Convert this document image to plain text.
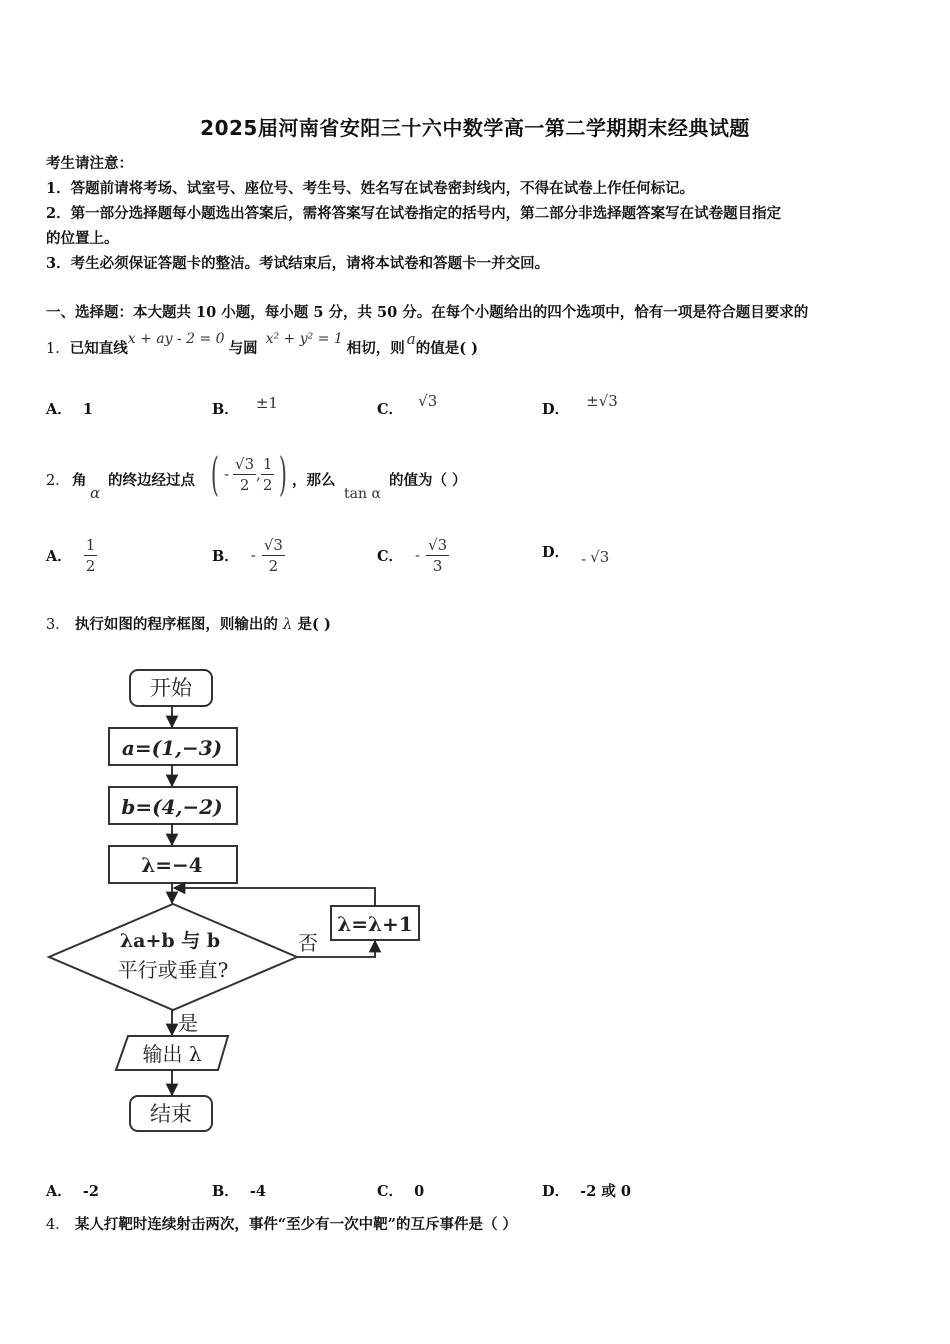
2025届河南省安阳三十六中数学高一第二学期期末经典试题
考生请注意：
1．答题前请将考场、试室号、座位号、考生号、姓名写在试卷密封线内，不得在试卷上作任何标记。
2．第一部分选择题每小题选出答案后，需将答案写在试卷指定的括号内，第二部分非选择题答案写在试卷题目指定
的位置上。
3．考生必须保证答题卡的整洁。考试结束后，请将本试卷和答题卡一并交回。
一、选择题：本大题共 10 小题，每小题 5 分，共 50 分。在每个小题给出的四个选项中，恰有一项是符合题目要求的
1． 已知直线
x + ay - 2 = 0
与圆
x² + y² = 1
相切，则 a 的值是( )
A． 1	B． ±1	C． √3	D． ±√3
2． 角
α
的终边经过点 ( - $\frac{√3}{2}$ , $\frac{1}{2}$ ) ，那么
tan α
的值为（ ）
A． $\frac{1}{2}$	B． - $\frac{√3}{2}$	C． - $\frac{√3}{3}$	D． - √3
3． 执行如图的程序框图，则输出的 λ 是( )
开始
a=(1,−3)
b=(4,−2)
λ=−4
λa+b 与 b
平行或垂直?
否
λ=λ+1
是
输出 λ
结束
A． -2	B． -4	C． 0	D． -2 或 0
4． 某人打靶时连续射击两次，事件“至少有一次中靶”的互斥事件是（ ）
